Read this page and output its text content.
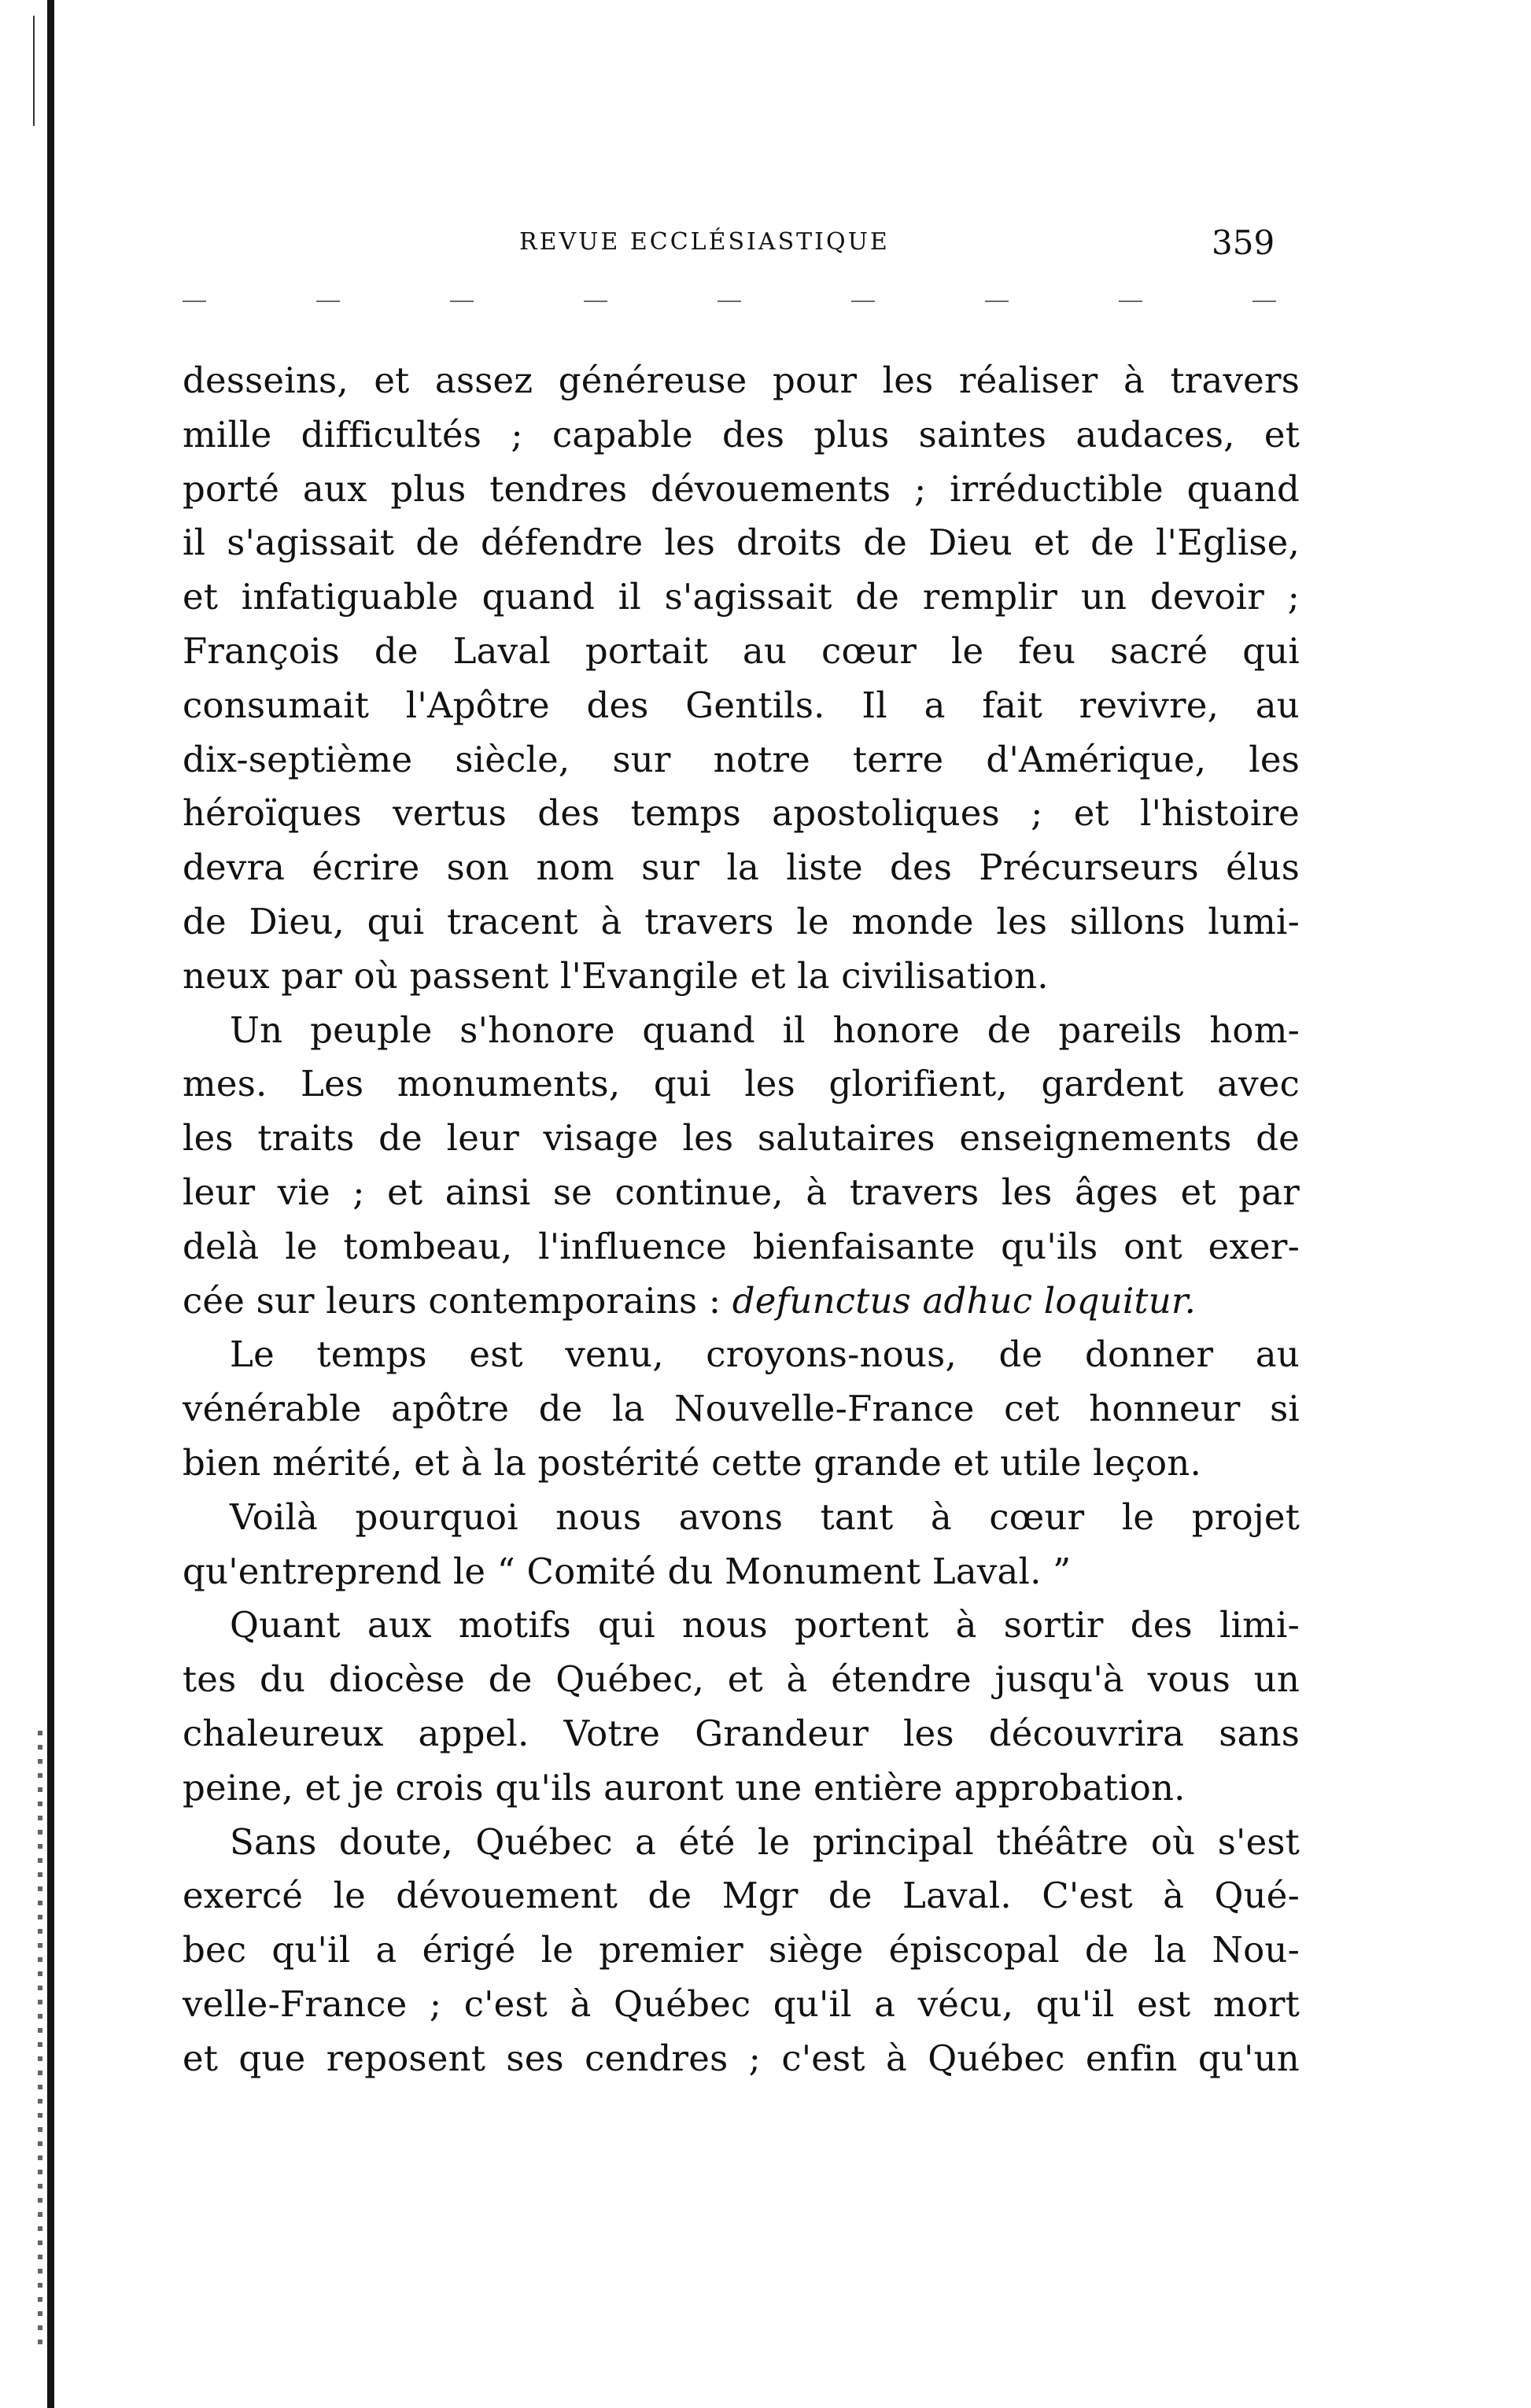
REVUE ECCLÉSIASTIQUE	359
desseins, et assez généreuse pour les réaliser à travers
mille difficultés ; capable des plus saintes audaces, et
porté aux plus tendres dévouements ; irréductible quand
il s'agissait de défendre les droits de Dieu et de l'Eglise,
et infatiguable quand il s'agissait de remplir un devoir ;
François de Laval portait au cœur le feu sacré qui
consumait l'Apôtre des Gentils. Il a fait revivre, au
dix-septième siècle, sur notre terre d'Amérique, les
héroïques vertus des temps apostoliques ; et l'histoire
devra écrire son nom sur la liste des Précurseurs élus
de Dieu, qui tracent à travers le monde les sillons lumi-
neux par où passent l'Evangile et la civilisation.
Un peuple s'honore quand il honore de pareils hom-
mes. Les monuments, qui les glorifient, gardent avec
les traits de leur visage les salutaires enseignements de
leur vie ; et ainsi se continue, à travers les âges et par
delà le tombeau, l'influence bienfaisante qu'ils ont exer-
cée sur leurs contemporains : defunctus adhuc loquitur.
Le temps est venu, croyons-nous, de donner au
vénérable apôtre de la Nouvelle-France cet honneur si
bien mérité, et à la postérité cette grande et utile leçon.
Voilà pourquoi nous avons tant à cœur le projet
qu'entreprend le “ Comité du Monument Laval. ”
Quant aux motifs qui nous portent à sortir des limi-
tes du diocèse de Québec, et à étendre jusqu'à vous un
chaleureux appel. Votre Grandeur les découvrira sans
peine, et je crois qu'ils auront une entière approbation.
Sans doute, Québec a été le principal théâtre où s'est
exercé le dévouement de Mgr de Laval. C'est à Qué-
bec qu'il a érigé le premier siège épiscopal de la Nou-
velle-France ; c'est à Québec qu'il a vécu, qu'il est mort
et que reposent ses cendres ; c'est à Québec enfin qu'un
